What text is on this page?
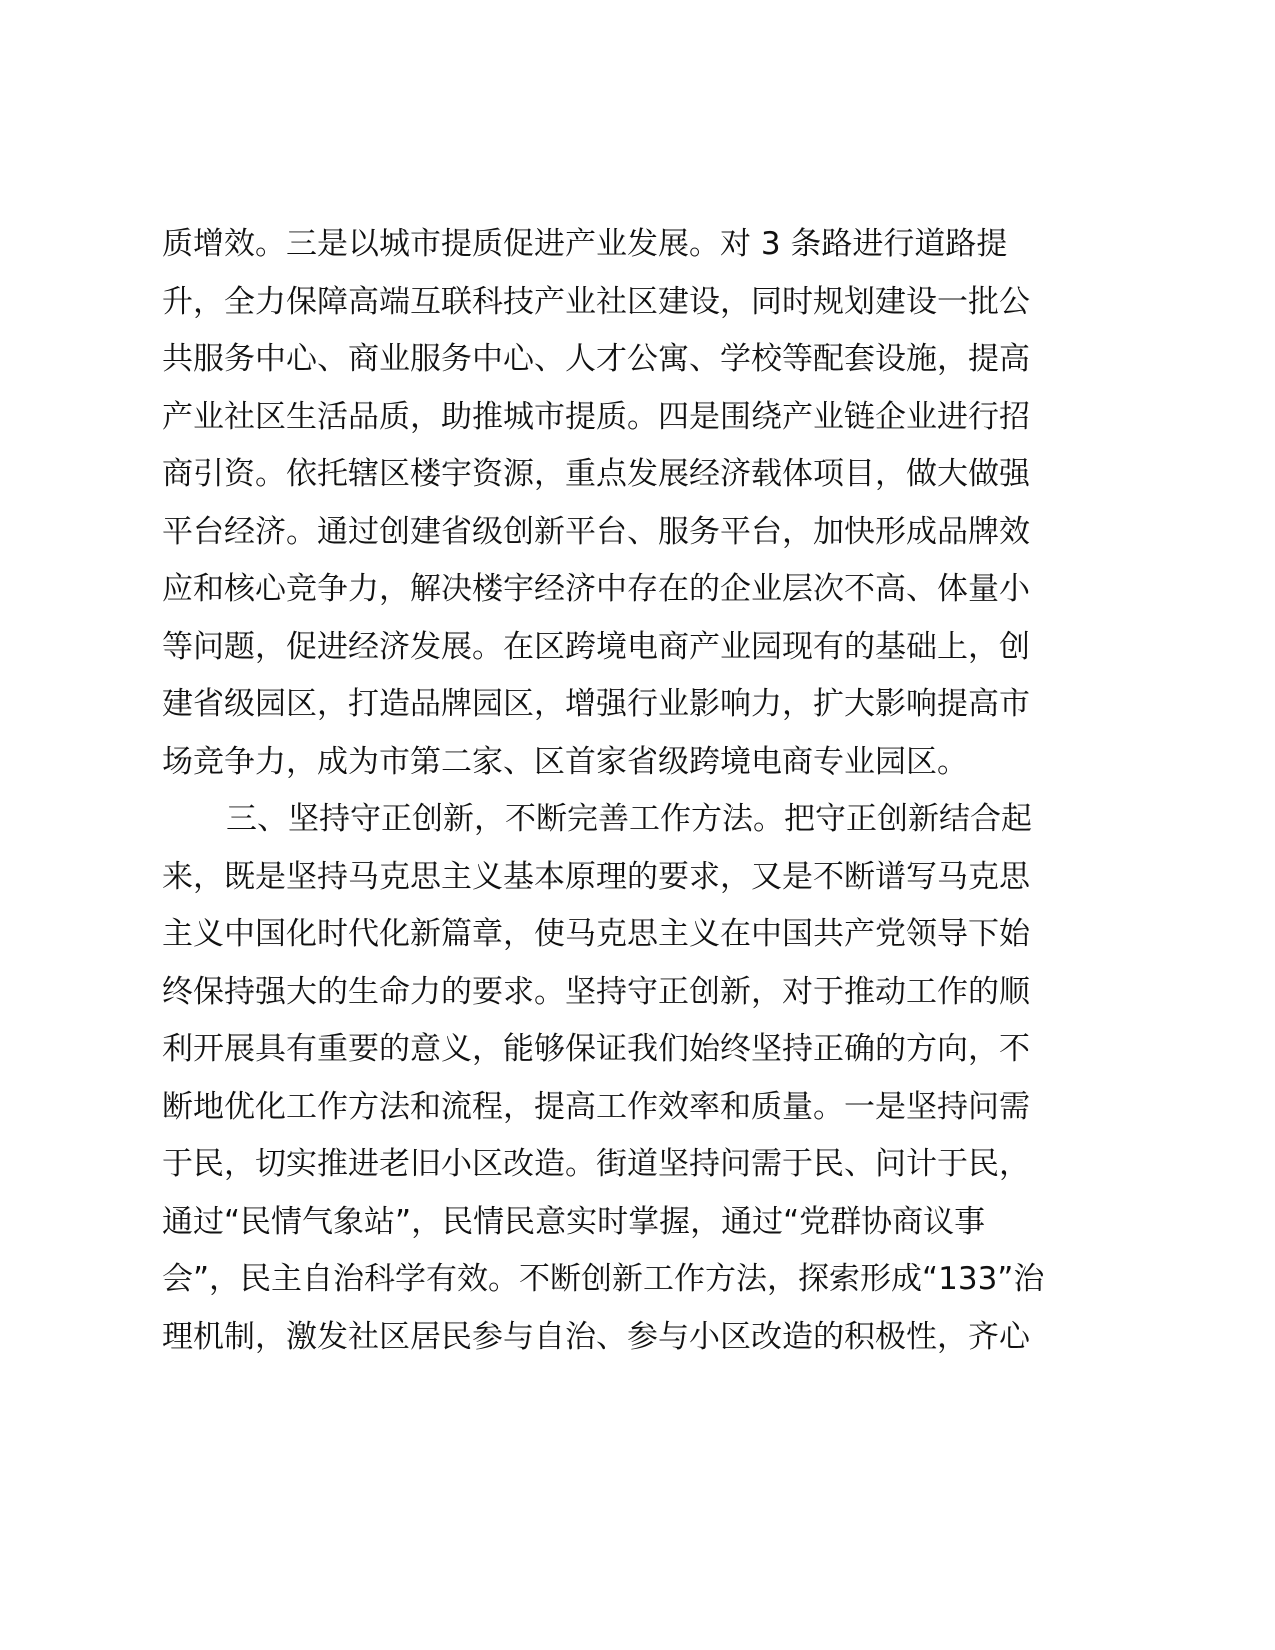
质增效。三是以城市提质促进产业发展。对 3 条路进行道路提
升，全力保障高端互联科技产业社区建设，同时规划建设一批公
共服务中心、商业服务中心、人才公寓、学校等配套设施，提高
产业社区生活品质，助推城市提质。四是围绕产业链企业进行招
商引资。依托辖区楼宇资源，重点发展经济载体项目，做大做强
平台经济。通过创建省级创新平台、服务平台，加快形成品牌效
应和核心竞争力，解决楼宇经济中存在的企业层次不高、体量小
等问题，促进经济发展。在区跨境电商产业园现有的基础上，创
建省级园区，打造品牌园区，增强行业影响力，扩大影响提高市
场竞争力，成为市第二家、区首家省级跨境电商专业园区。
三、坚持守正创新，不断完善工作方法。把守正创新结合起
来，既是坚持马克思主义基本原理的要求，又是不断谱写马克思
主义中国化时代化新篇章，使马克思主义在中国共产党领导下始
终保持强大的生命力的要求。坚持守正创新，对于推动工作的顺
利开展具有重要的意义，能够保证我们始终坚持正确的方向，不
断地优化工作方法和流程，提高工作效率和质量。一是坚持问需
于民，切实推进老旧小区改造。街道坚持问需于民、问计于民，
通过“民情气象站”，民情民意实时掌握，通过“党群协商议事
会”，民主自治科学有效。不断创新工作方法，探索形成“133”治
理机制，激发社区居民参与自治、参与小区改造的积极性，齐心
